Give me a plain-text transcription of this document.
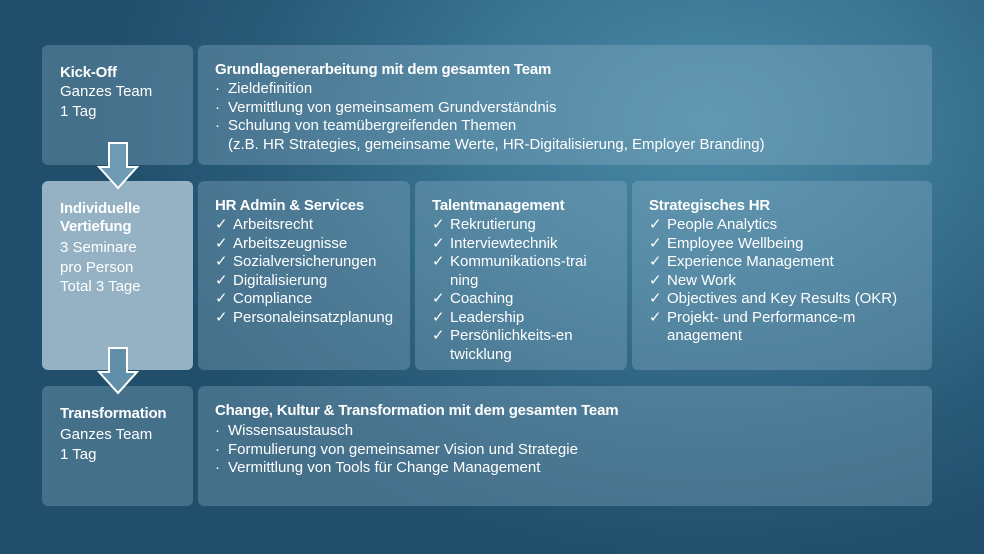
Kick-Off
Ganzes Team
1 Tag
Grundlagenerarbeitung mit dem gesamten Team
· Zieldefinition
· Vermittlung von gemeinsamem Grundverständnis
· Schulung von teamübergreifenden Themen
(z.B. HR Strategies, gemeinsame Werte, HR-Digitalisierung, Employer Branding)
Individuelle Vertiefung
3 Seminare
pro Person
Total 3 Tage
HR Admin & Services
✓ Arbeitsrecht
✓ Arbeitszeugnisse
✓ Sozialversicherungen
✓ Digitalisierung
✓ Compliance
✓ Personaleinsatzplanung
Talentmanagement
✓ Rekrutierung
✓ Interviewtechnik
✓ Kommunikations-training
✓ Coaching
✓ Leadership
✓ Persönlichkeits-entwicklung
Strategisches HR
✓ People Analytics
✓ Employee Wellbeing
✓ Experience Management
✓ New Work
✓ Objectives and Key Results (OKR)
✓ Projekt- und Performance-management
Transformation
Ganzes Team
1 Tag
Change, Kultur & Transformation mit dem gesamten Team
· Wissensaustausch
· Formulierung von gemeinsamer Vision und Strategie
· Vermittlung von Tools für Change Management
